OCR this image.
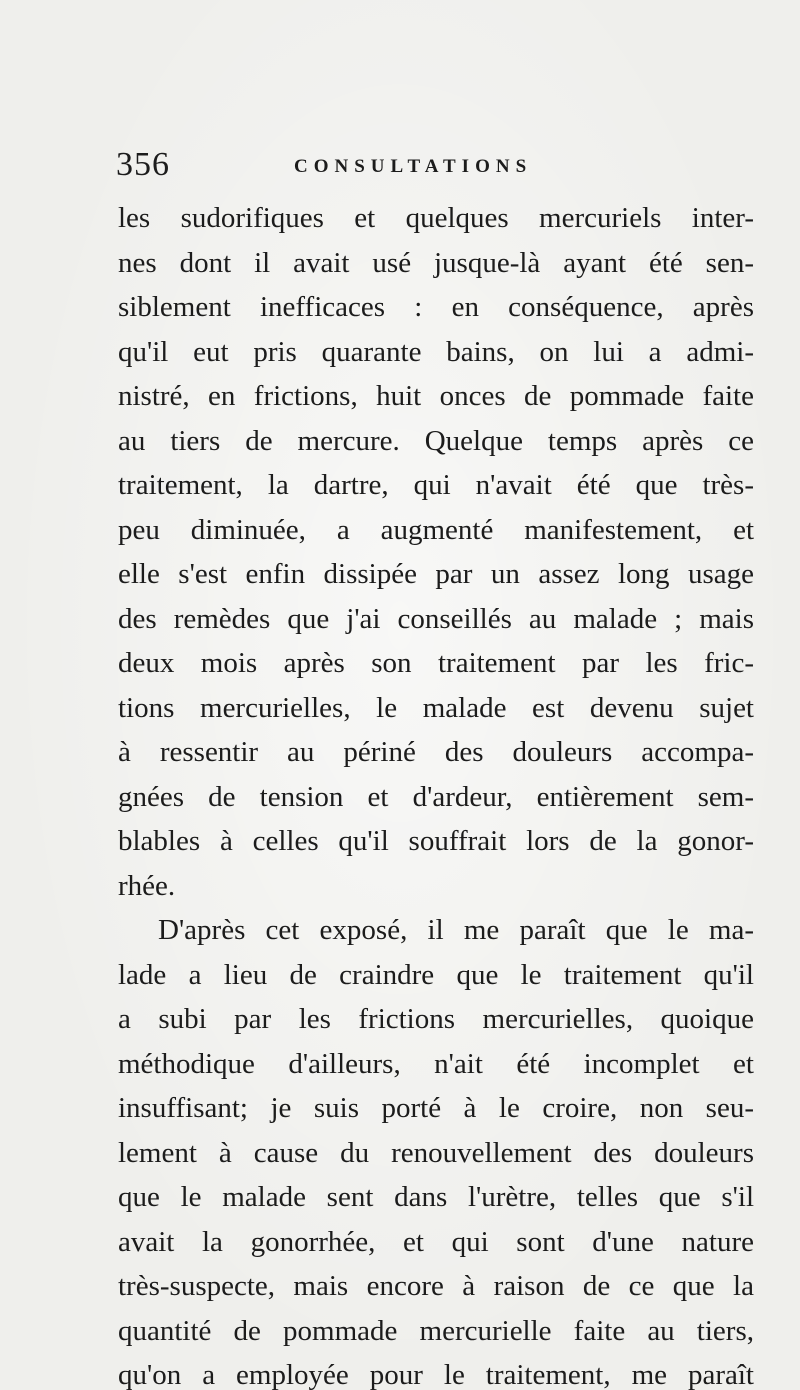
356	CONSULTATIONS
les sudorifiques et quelques mercuriels inter-
nes dont il avait usé jusque-là ayant été sen-
siblement inefficaces : en conséquence, après
qu'il eut pris quarante bains, on lui a admi-
nistré, en frictions, huit onces de pommade faite
au tiers de mercure. Quelque temps après ce
traitement, la dartre, qui n'avait été que très-
peu diminuée, a augmenté manifestement, et
elle s'est enfin dissipée par un assez long usage
des remèdes que j'ai conseillés au malade ; mais
deux mois après son traitement par les fric-
tions mercurielles, le malade est devenu sujet
à ressentir au périné des douleurs accompa-
gnées de tension et d'ardeur, entièrement sem-
blables à celles qu'il souffrait lors de la gonor-
rhée.
D'après cet exposé, il me paraît que le ma-
lade a lieu de craindre que le traitement qu'il
a subi par les frictions mercurielles, quoique
méthodique d'ailleurs, n'ait été incomplet et
insuffisant; je suis porté à le croire, non seu-
lement à cause du renouvellement des douleurs
que le malade sent dans l'urètre, telles que s'il
avait la gonorrhée, et qui sont d'une nature
très-suspecte, mais encore à raison de ce que la
quantité de pommade mercurielle faite au tiers,
qu'on a employée pour le traitement, me paraît
